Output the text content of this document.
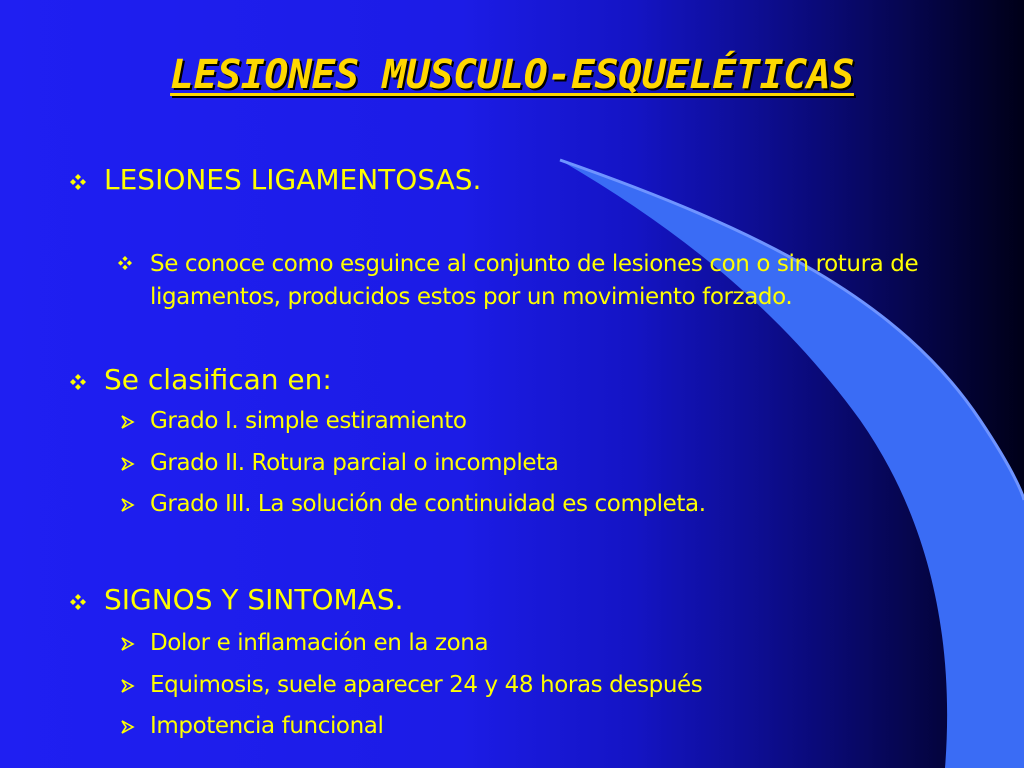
LESIONES MUSCULO-ESQUELÉTICAS
LESIONES LIGAMENTOSAS.
Se conoce como esguince al conjunto de lesiones con o sin rotura de ligamentos, producidos estos por un movimiento forzado.
Se clasifican en:
Grado I. simple estiramiento
Grado II. Rotura parcial o incompleta
Grado III. La solución de continuidad es completa.
SIGNOS Y SINTOMAS.
Dolor e inflamación en la zona
Equimosis, suele aparecer 24 y 48 horas después
Impotencia funcional
